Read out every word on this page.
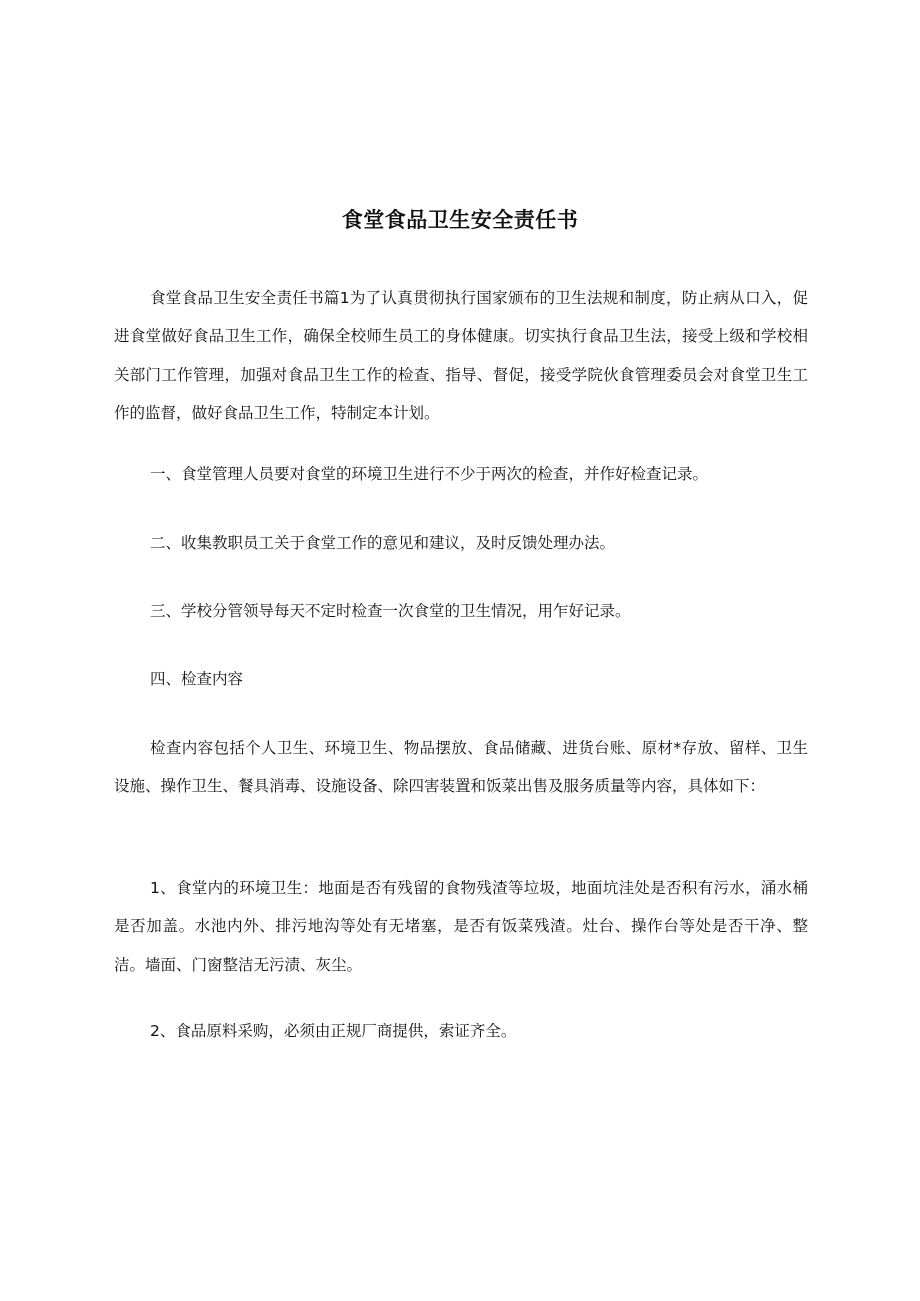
食堂食品卫生安全责任书

食堂食品卫生安全责任书篇1为了认真贯彻执行国家颁布的卫生法规和制度，防止病从口入，促进食堂做好食品卫生工作，确保全校师生员工的身体健康。切实执行食品卫生法，接受上级和学校相关部门工作管理，加强对食品卫生工作的检查、指导、督促，接受学院伙食管理委员会对食堂卫生工作的监督，做好食品卫生工作，特制定本计划。

一、食堂管理人员要对食堂的环境卫生进行不少于两次的检查，并作好检查记录。

二、收集教职员工关于食堂工作的意见和建议，及时反馈处理办法。

三、学校分管领导每天不定时检查一次食堂的卫生情况，用乍好记录。

四、检查内容

检查内容包括个人卫生、环境卫生、物品摆放、食品储藏、进货台账、原材*存放、留样、卫生设施、操作卫生、餐具消毒、设施设备、除四害装置和饭菜出售及服务质量等内容，具体如下：

1、食堂内的环境卫生：地面是否有残留的食物残渣等垃圾，地面坑洼处是否积有污水，涌水桶是否加盖。水池内外、排污地沟等处有无堵塞，是否有饭菜残渣。灶台、操作台等处是否干净、整洁。墙面、门窗整洁无污渍、灰尘。

2、食品原料采购，必须由正规厂商提供，索证齐全。
